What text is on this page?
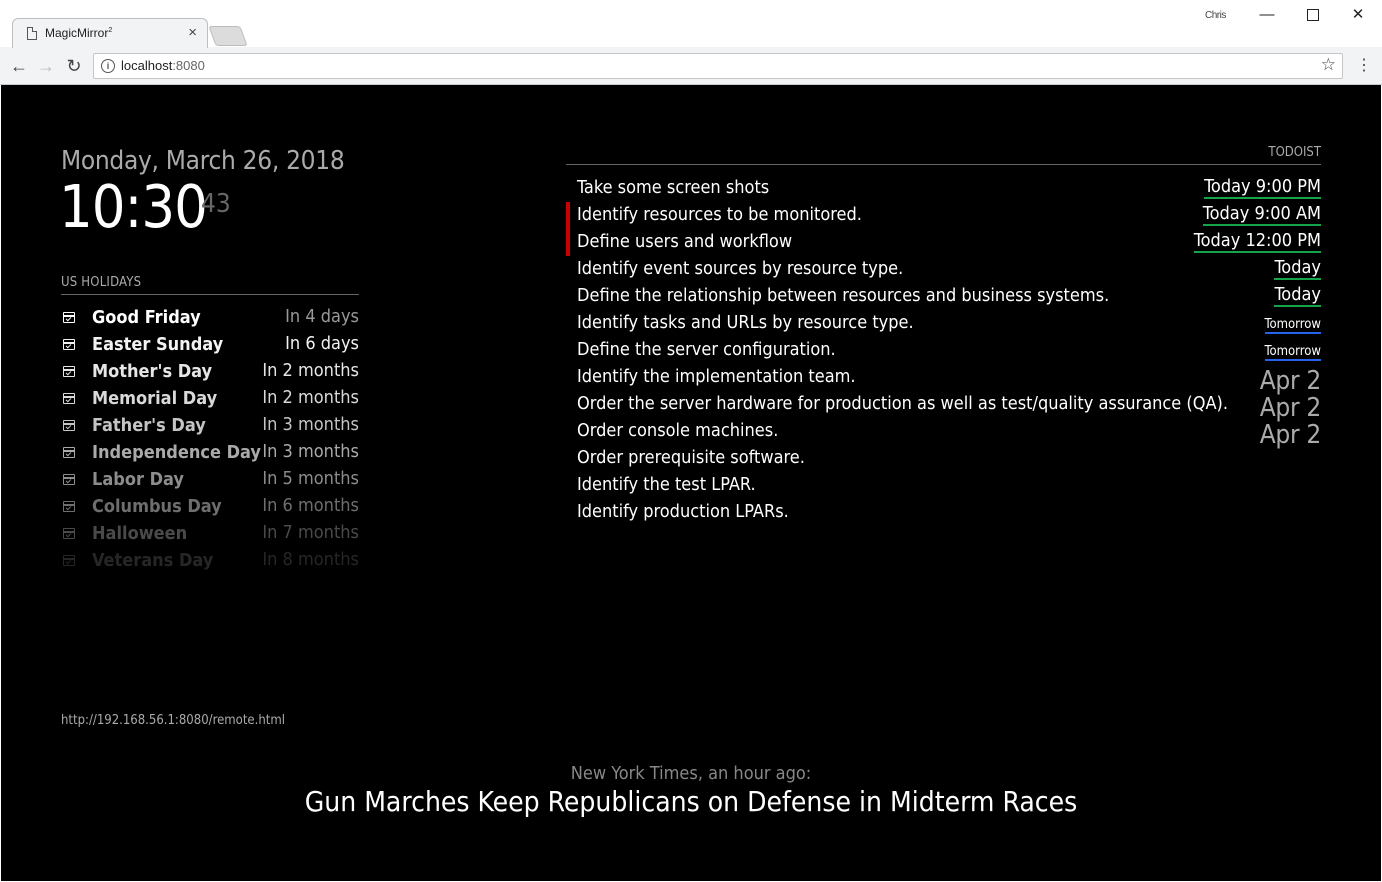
MagicMirror$^2$	×
Chris	—	✕
← → ↻	i localhost:8080	☆ ⋮
Monday, March 26, 2018
10:30
43
US HOLIDAYS
Good Friday	In 4 days
Easter Sunday	In 6 days
Mother's Day	In 2 months
Memorial Day	In 2 months
Father's Day	In 3 months
Independence Day In 3 months
Labor Day	In 5 months
Columbus Day In 6 months
Halloween	In 7 months
Veterans Day	In 8 months
http://192.168.56.1:8080/remote.html
TODOIST
Take some screen shots	Today 9:00 PM
Identify resources to be monitored.	Today 9:00 AM
Define users and workflow	Today 12:00 PM
Identify event sources by resource type.	Today
Define the relationship between resources and business systems.	Today
Identify tasks and URLs by resource type.	Tomorrow
Define the server configuration.	Tomorrow
Identify the implementation team.	Apr 2
Order the server hardware for production as well as test/quality assurance (QA).	Apr 2
Order console machines.	Apr 2
Order prerequisite software.
Identify the test LPAR.
Identify production LPARs.
New York Times, an hour ago:
Gun Marches Keep Republicans on Defense in Midterm Races
